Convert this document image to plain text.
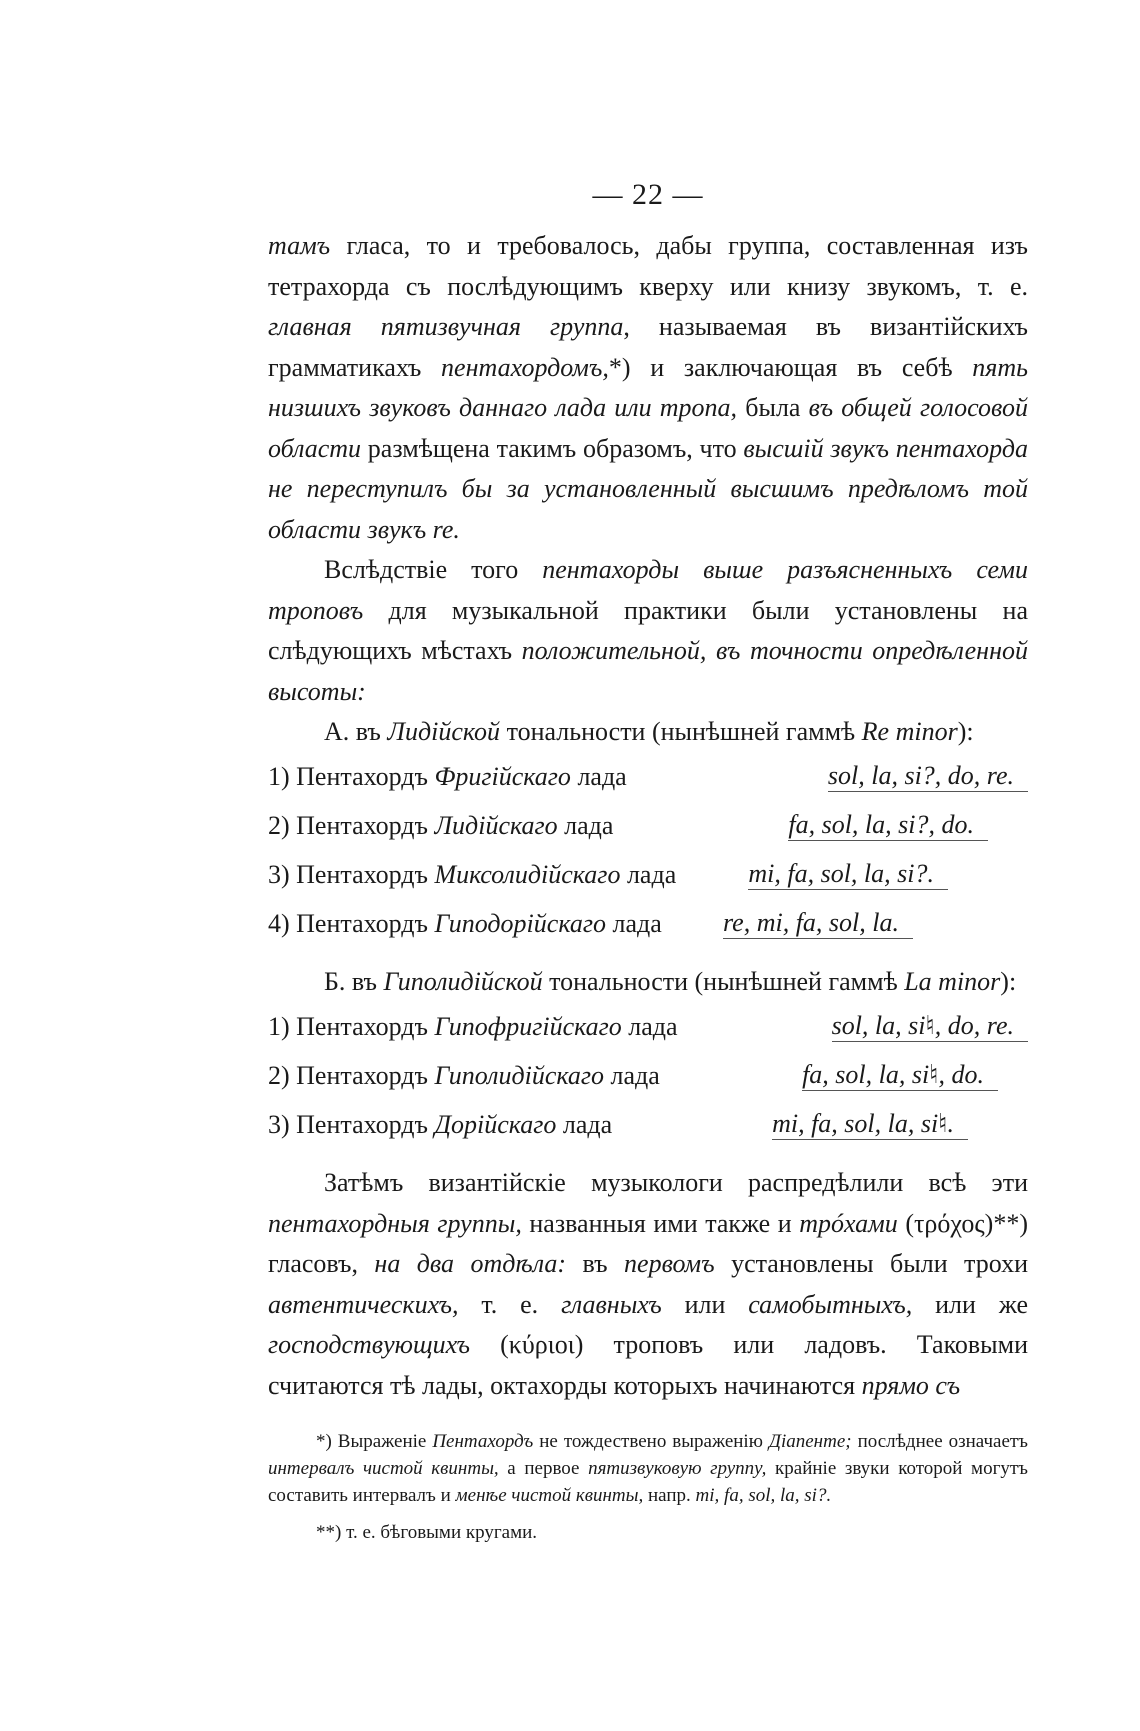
— 22 —

тамъ гласа, то и требовалось, дабы группа, составленная изъ тетрахорда съ послѣдующимъ кверху или книзу звукомъ, т. е. главная пятизвучная группа, называемая въ византійскихъ грамматикахъ пентахордомъ,*) и заключающая въ себѣ пять низшихъ звуковъ даннаго лада или тропа, была въ общей голосовой области размѣщена такимъ образомъ, что высшій звукъ пентахорда не переступилъ бы за установленный высшимъ предѣломъ той области звукъ re.

Вслѣдствіе того пентахорды выше разъясненныхъ семи троповъ для музыкальной практики были установлены на слѣдующихъ мѣстахъ положительной, въ точности опредѣленной высоты:

А. въ Лидійской тональности (нынѣшней гаммѣ Re minor):

1) Пентахордъ Фригійскаго лада	sol, la, si?, do, re.
2) Пентахордъ Лидійскаго лада	fa, sol, la, si?, do.
3) Пентахордъ Миксолидійскаго лада	mi, fa, sol, la, si?.
4) Пентахордъ Гиподорійскаго лада re, mi, fa, sol, la.

Б. въ Гиполидійской тональности (нынѣшней гаммѣ La minor):

1) Пентахордъ Гипофригійскаго лада	sol, la, si♮, do, re.
2) Пентахордъ Гиполидійскаго лада	fa, sol, la, si♮, do.
3) Пентахордъ Дорійскаго лада	mi, fa, sol, la, si♮.

Затѣмъ византійскіе музыкологи распредѣлили всѣ эти пентахордныя группы, названныя ими также и трóхами (τρόχος)**) гласовъ, на два отдѣла: въ первомъ установлены были трохи автентическихъ, т. е. главныхъ или самобытныхъ, или же господствующихъ (κύριοι) троповъ или ладовъ. Таковыми считаются тѣ лады, октахорды которыхъ начинаются прямо съ

*) Выраженіе Пентахордъ не тождествено выраженію Діапенте; послѣднее означаетъ интервалъ чистой квинты, а первое пятизвуковую группу, крайніе звуки которой могутъ составить интервалъ и менѣе чистой квинты, напр. mi, fa, sol, la, si?.

**) т. е. бѣговыми кругами.
